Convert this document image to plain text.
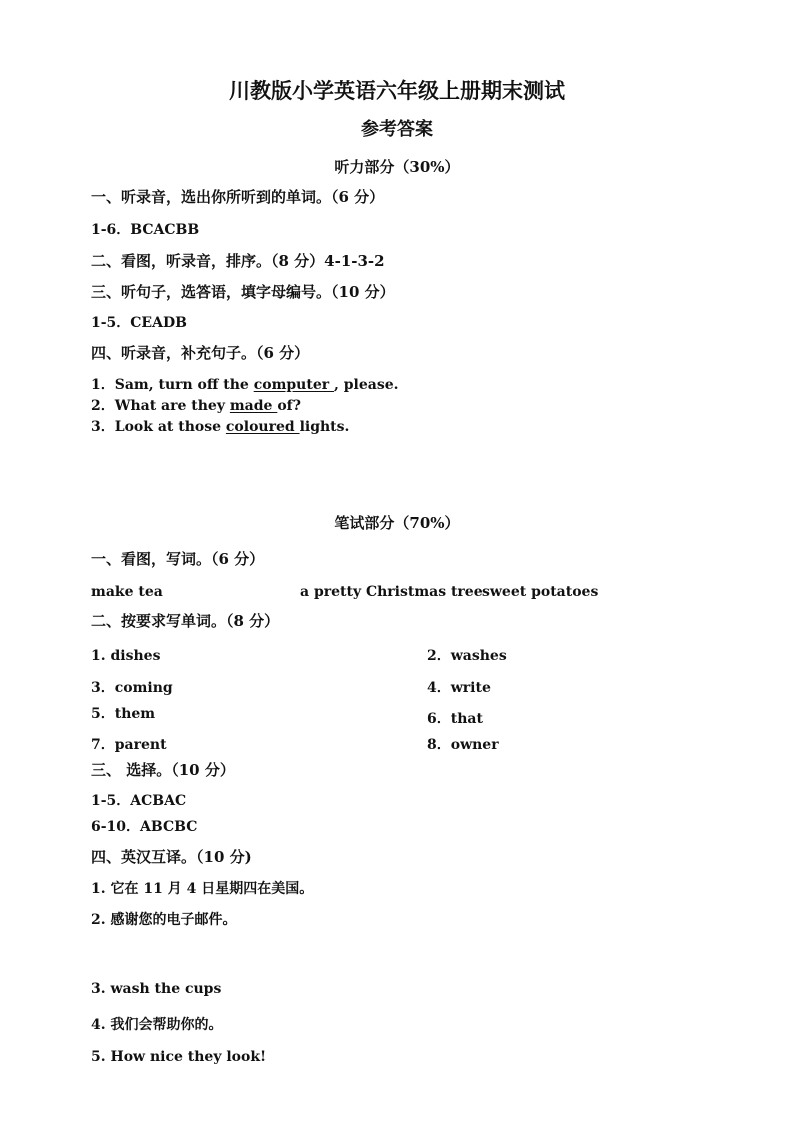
川教版小学英语六年级上册期末测试
参考答案
听力部分（30%）
一、听录音，选出你所听到的单词。（6 分）
1-6．BCACBB
二、看图，听录音，排序。（8 分）4-1-3-2
三、听句子，选答语，填字母编号。（10 分）
1-5．CEADB
四、听录音，补充句子。（6 分）
1．Sam, turn off the computer , please.
2．What are they made of?
3．Look at those coloured lights.
笔试部分（70%）
一、看图，写词。（6 分）
make tea	a pretty Christmas tree sweet potatoes
二、按要求写单词。（8 分）
1. dishes	2．washes
3．coming	4．write
5．them	6．that
7．parent	8．owner
三、 选择。（10 分）
1-5．ACBAC
6-10．ABCBC
四、英汉互译。（10 分)
1. 它在 11 月 4 日星期四在美国。
2. 感谢您的电子邮件。
3. wash the cups
4. 我们会帮助你的。
5. How nice they look!
